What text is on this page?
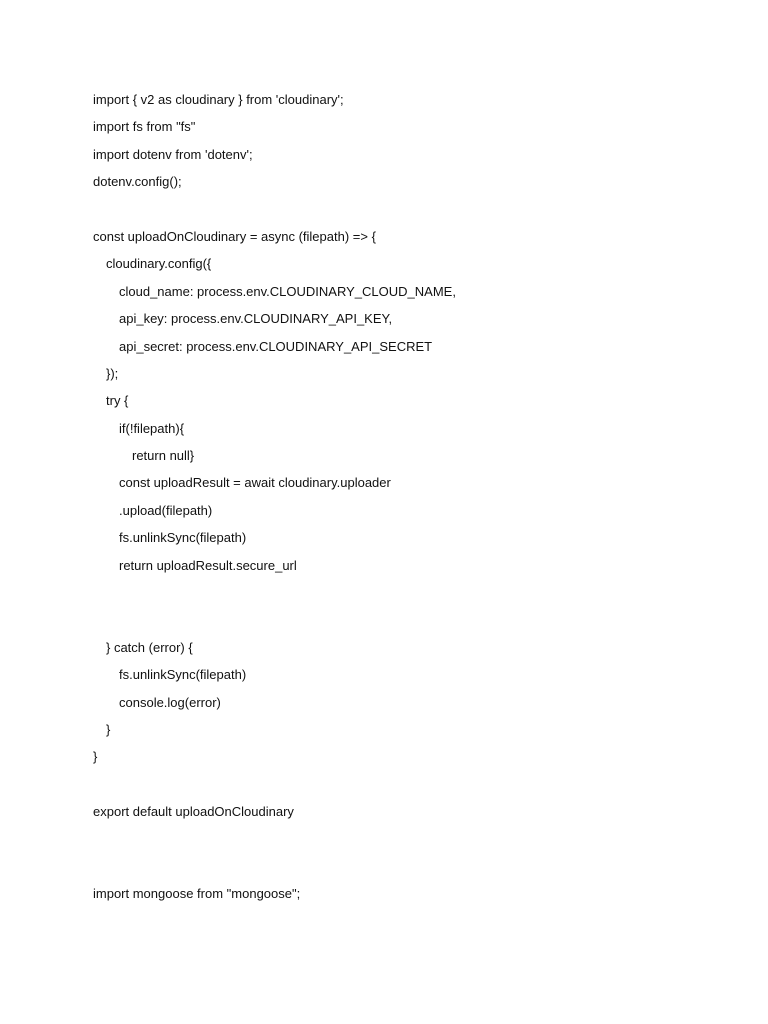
import { v2 as cloudinary } from 'cloudinary';
import fs from "fs"
import dotenv from 'dotenv';
dotenv.config();
const uploadOnCloudinary = async (filepath) => {
cloudinary.config({
cloud_name: process.env.CLOUDINARY_CLOUD_NAME,
api_key: process.env.CLOUDINARY_API_KEY,
api_secret: process.env.CLOUDINARY_API_SECRET
});
try {
if(!filepath){
return null}
const uploadResult = await cloudinary.uploader
.upload(filepath)
fs.unlinkSync(filepath)
return uploadResult.secure_url
} catch (error) {
fs.unlinkSync(filepath)
console.log(error)
}
}
export default uploadOnCloudinary
import mongoose from "mongoose";
